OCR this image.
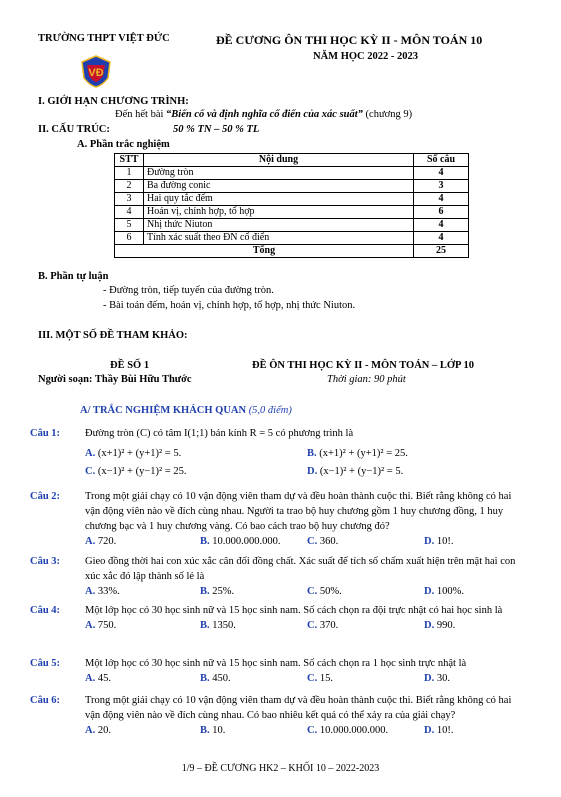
TRƯỜNG THPT VIỆT ĐỨC	ĐỀ CƯƠNG ÔN THI HỌC KỲ II - MÔN TOÁN 10
NĂM HỌC 2022 - 2023
VĐ
I. GIỚI HẠN CHƯƠNG TRÌNH:
Đến hết bài “Biến cố và định nghĩa cổ điển của xác suất” (chương 9)
II. CẤU TRÚC:	50 % TN – 50 % TL
A. Phần trắc nghiệm
STT	Nội dung	Số câu
1	Đường tròn	4
2	Ba đường conic	3
3	Hai quy tắc đếm	4
4	Hoán vị, chỉnh hợp, tổ hợp	6
5	Nhị thức Niuton	4
6	Tính xác suất theo ĐN cổ điển	4
Tổng		25
B. Phần tự luận
- Đường tròn, tiếp tuyến của đường tròn.
- Bài toán đếm, hoán vị, chỉnh hợp, tổ hợp, nhị thức Niuton.
III. MỘT SỐ ĐỀ THAM KHẢO:
ĐỀ SỐ 1	ĐỀ ÔN THI HỌC KỲ II - MÔN TOÁN – LỚP 10
Người soạn: Thầy Bùi Hữu Thước	Thời gian: 90 phút
A/ TRẮC NGHIỆM KHÁCH QUAN (5,0 điểm)
Câu 1:	Đường tròn (C) có tâm I(1;1) bán kính R = 5 có phương trình là
A. (x+1)² + (y+1)² = 5.	B. (x+1)² + (y+1)² = 25.
C. (x−1)² + (y−1)² = 25.	D. (x−1)² + (y−1)² = 5.
Câu 2:	Trong một giải chạy có 10 vận động viên tham dự và đều hoàn thành cuộc thi. Biết rằng không có hai vận động viên nào về đích cùng nhau. Người ta trao bộ huy chương gồm 1 huy chương đồng, 1 huy chương bạc và 1 huy chương vàng. Có bao cách trao bộ huy chương đó?
A. 720.	B. 10.000.000.000.	C. 360.	D. 10!.
Câu 3:	Gieo đồng thời hai con xúc xắc cân đối đồng chất. Xác suất để tích số chấm xuất hiện trên mặt hai con xúc xắc đó lập thành số lẻ là
A. 33%.	B. 25%.	C. 50%.	D. 100%.
Câu 4:	Một lớp học có 30 học sinh nữ và 15 học sinh nam. Số cách chọn ra đội trực nhật có hai học sinh là
A. 750.	B. 1350.	C. 370.	D. 990.
Câu 5:	Một lớp học có 30 học sinh nữ và 15 học sinh nam. Số cách chọn ra 1 học sinh trực nhật là
A. 45.	B. 450.	C. 15.	D. 30.
Câu 6:	Trong một giải chạy có 10 vận động viên tham dự và đều hoàn thành cuộc thi. Biết rằng không có hai vận động viên nào về đích cùng nhau. Có bao nhiêu kết quả có thể xảy ra của giải chạy?
A. 20.	B. 10.	C. 10.000.000.000.	D. 10!.
1/9 – ĐỀ CƯƠNG HK2 – KHỐI 10 – 2022-2023
